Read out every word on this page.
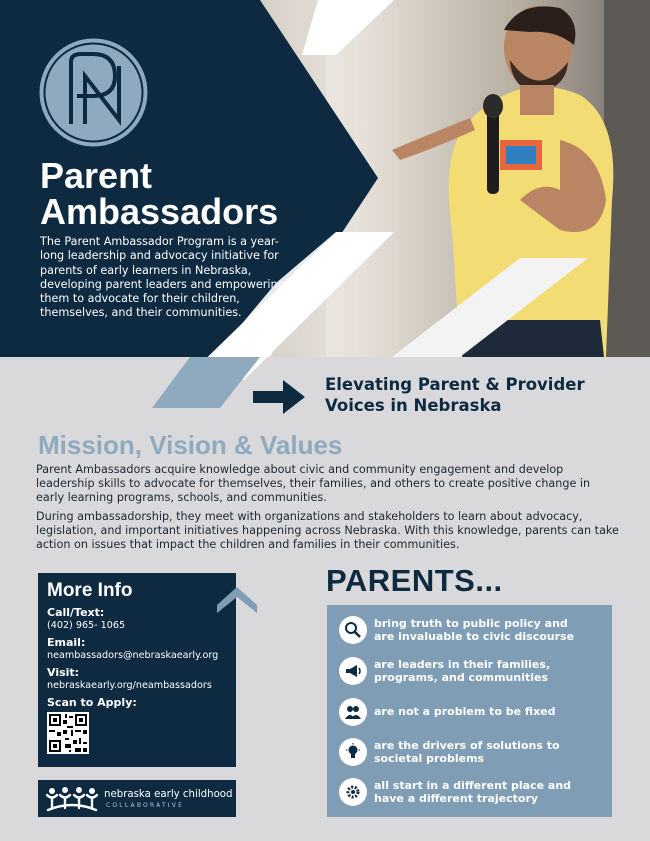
Parent
Ambassadors

The Parent Ambassador Program is a year-long leadership and advocacy initiative for parents of early learners in Nebraska, developing parent leaders and empowering them to advocate for their children, themselves, and their communities.

Elevating Parent & Provider
Voices in Nebraska

Mission, Vision & Values

Parent Ambassadors acquire knowledge about civic and community engagement and develop leadership skills to advocate for themselves, their families, and others to create positive change in early learning programs, schools, and communities.

During ambassadorship, they meet with organizations and stakeholders to learn about advocacy, legislation, and important initiatives happening across Nebraska. With this knowledge, parents can take action on issues that impact the children and families in their communities.

More Info
Call/Text:
(402) 965- 1065
Email:
neambassadors@nebraskaearly.org
Visit:
nebraskaearly.org/neambassadors
Scan to Apply:
nebraska early childhood
COLLABORATIVE
PARENTS...
bring truth to public policy and
are invaluable to civic discourse
are leaders in their families,
programs, and communities
are not a problem to be fixed
are the drivers of solutions to
societal problems
all start in a different place and
have a different trajectory
